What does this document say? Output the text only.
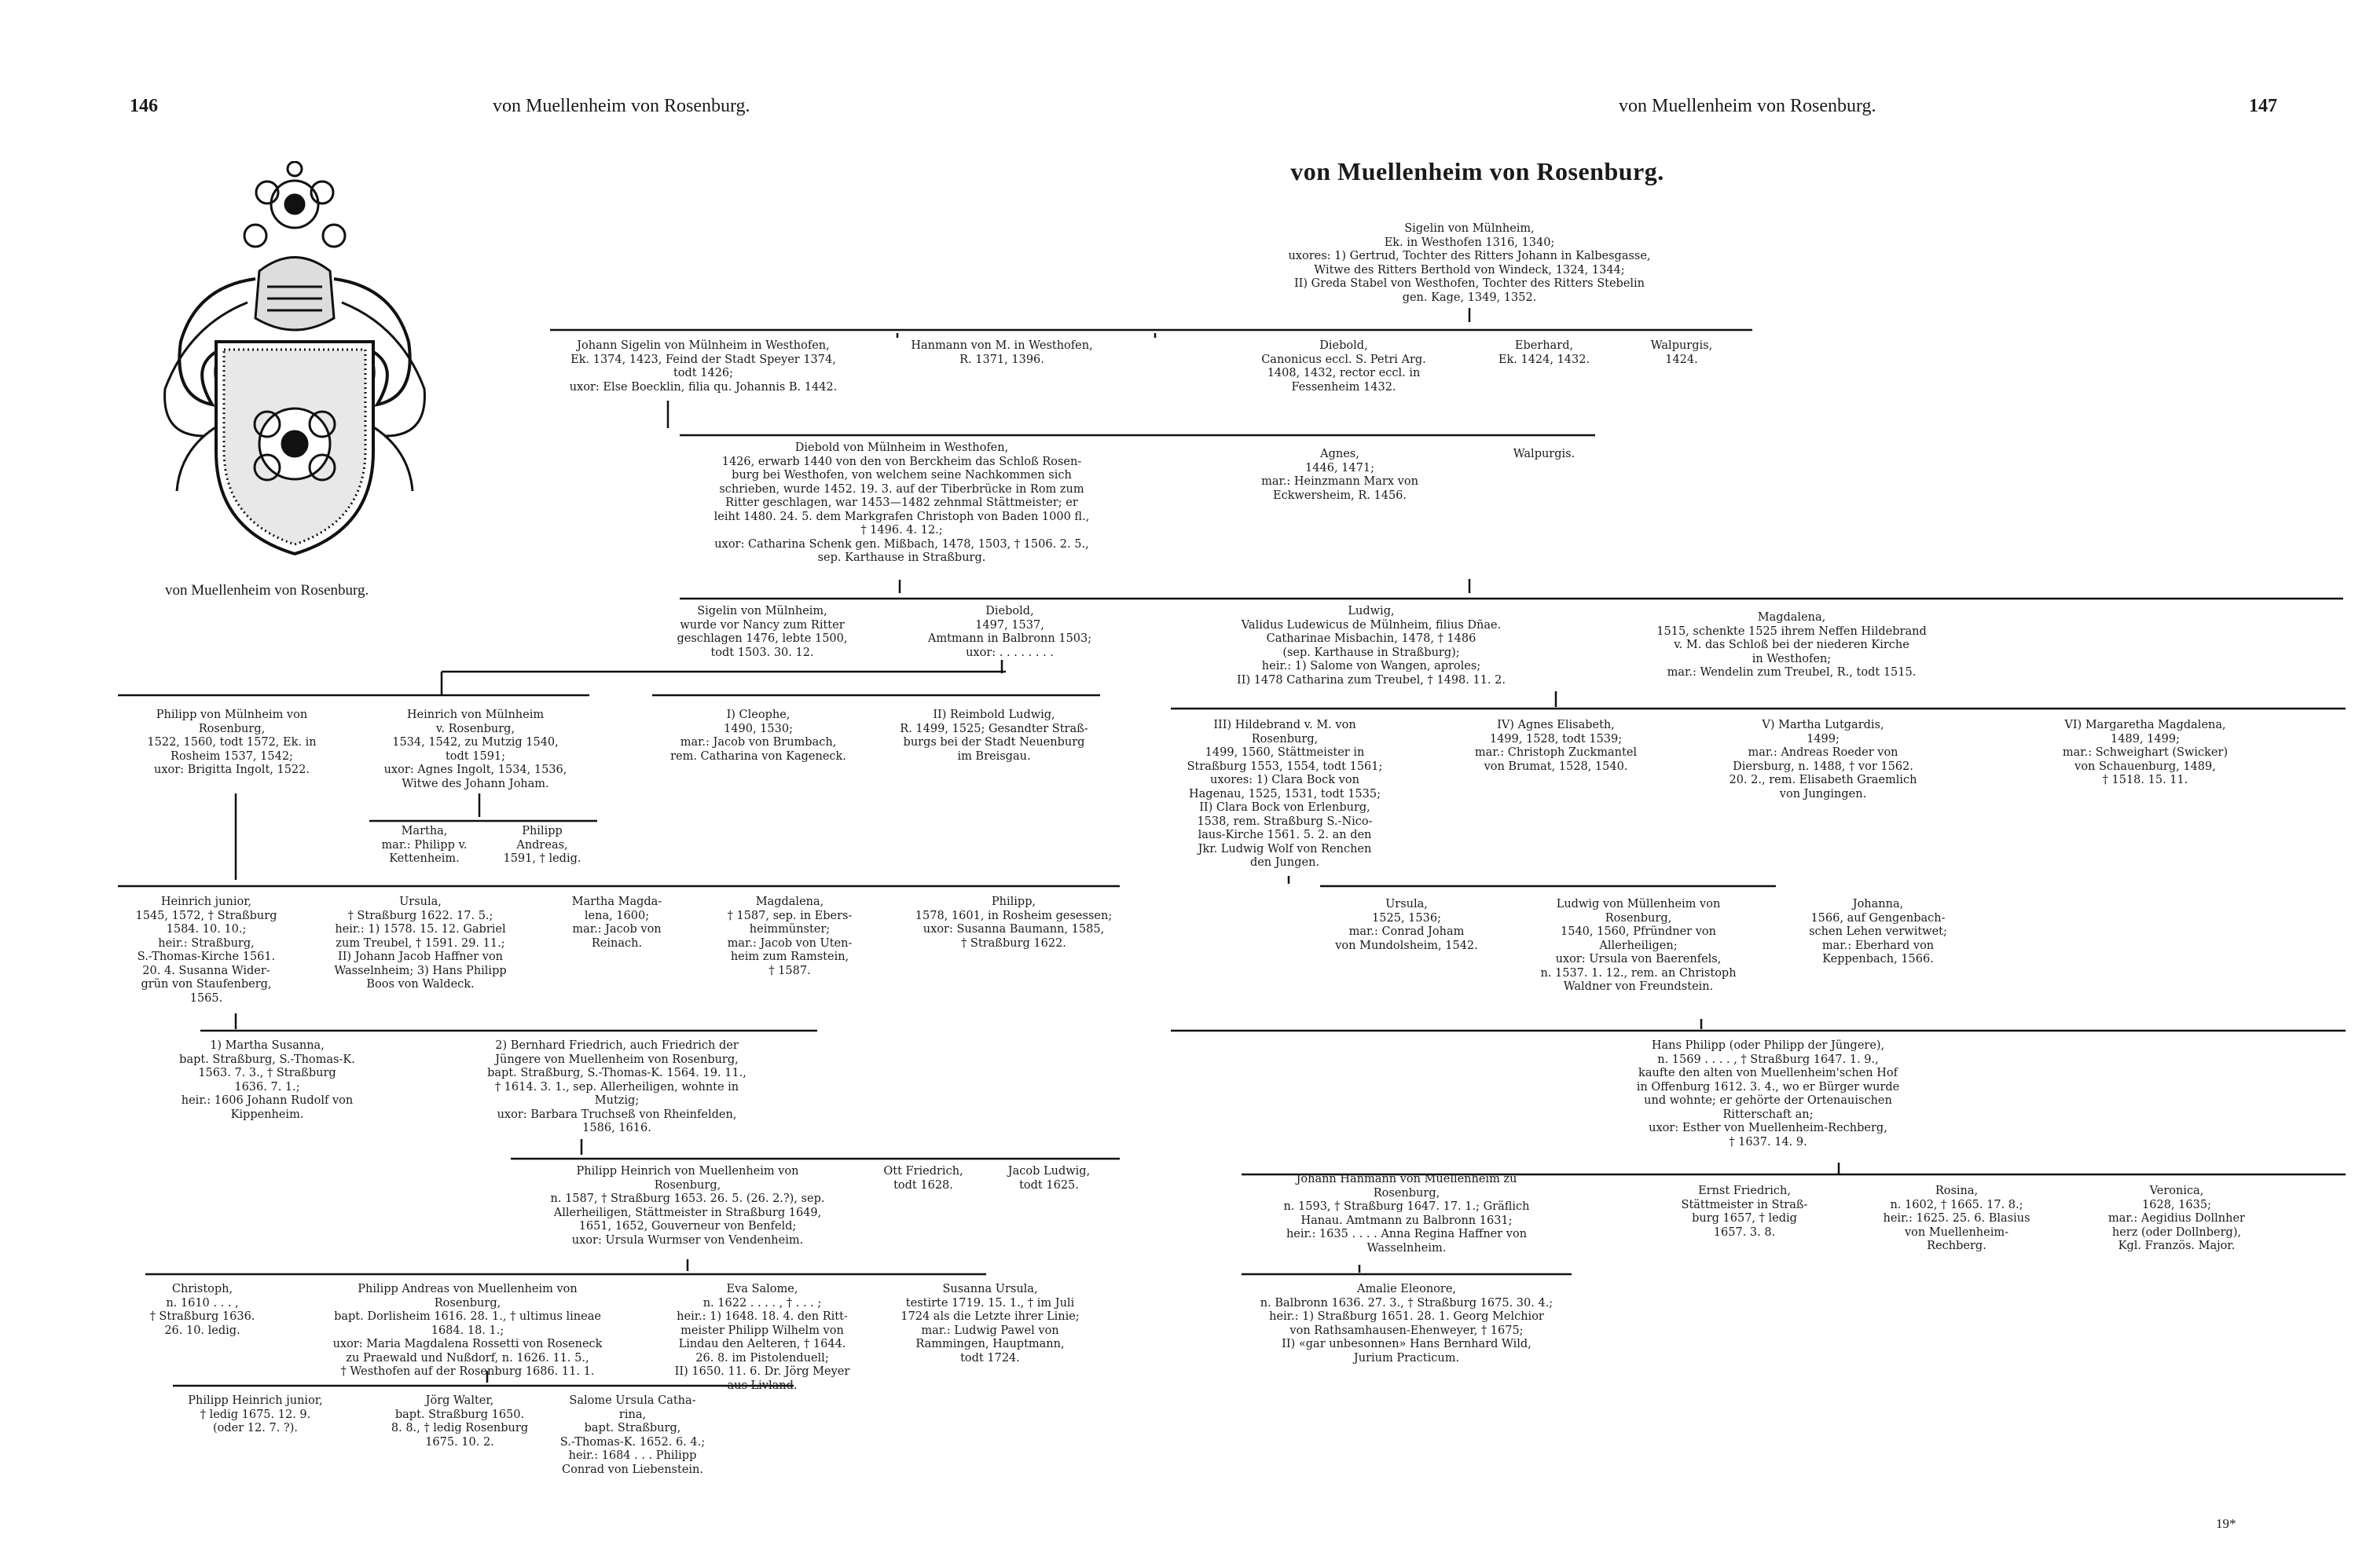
146	von Muellenheim von Rosenburg.	von Muellenheim von Rosenburg.	147
von Muellenheim von Rosenburg.
von Muellenheim von Rosenburg.
Sigelin von Mülnheim,
Ek. in Westhofen 1316, 1340;
uxores: 1) Gertrud, Tochter des Ritters Johann in Kalbesgasse,
Witwe des Ritters Berthold von Windeck, 1324, 1344;
II) Greda Stabel von Westhofen, Tochter des Ritters Stebelin
gen. Kage, 1349, 1352.
Johann Sigelin von Mülnheim in Westhofen,
Ek. 1374, 1423, Feind der Stadt Speyer 1374,
todt 1426;
uxor: Else Boecklin, filia qu. Johannis B. 1442.
Hanmann von M. in Westhofen,
R. 1371, 1396.
Diebold,
Canonicus eccl. S. Petri Arg.
1408, 1432, rector eccl. in
Fessenheim 1432.
Eberhard,
Ek. 1424, 1432.
Walpurgis,
1424.
Diebold von Mülnheim in Westhofen,
1426, erwarb 1440 von den von Berckheim das Schloß Rosen-
burg bei Westhofen, von welchem seine Nachkommen sich
schrieben, wurde 1452. 19. 3. auf der Tiberbrücke in Rom zum
Ritter geschlagen, war 1453—1482 zehnmal Stättmeister; er
leiht 1480. 24. 5. dem Markgrafen Christoph von Baden 1000 fl.,
† 1496. 4. 12.;
uxor: Catharina Schenk gen. Mißbach, 1478, 1503, † 1506. 2. 5.,
sep. Karthause in Straßburg.
Agnes,
1446, 1471;
mar.: Heinzmann Marx von
Eckwersheim, R. 1456.
Walpurgis.
Sigelin von Mülnheim,
wurde vor Nancy zum Ritter
geschlagen 1476, lebte 1500,
todt 1503. 30. 12.
Diebold,
1497, 1537,
Amtmann in Balbronn 1503;
uxor: . . . . . . . .
Ludwig,
Validus Ludewicus de Mülnheim, filius Dñae.
Catharinae Misbachin, 1478, † 1486
(sep. Karthause in Straßburg);
heir.: 1) Salome von Wangen, aproles;
II) 1478 Catharina zum Treubel, † 1498. 11. 2.
Magdalena,
1515, schenkte 1525 ihrem Neffen Hildebrand
v. M. das Schloß bei der niederen Kirche
in Westhofen;
mar.: Wendelin zum Treubel, R., todt 1515.
Philipp von Mülnheim von
Rosenburg,
1522, 1560, todt 1572, Ek. in
Rosheim 1537, 1542;
uxor: Brigitta Ingolt, 1522.
Heinrich von Mülnheim
v. Rosenburg,
1534, 1542, zu Mutzig 1540,
todt 1591;
uxor: Agnes Ingolt, 1534, 1536,
Witwe des Johann Joham.
I) Cleophe,
1490, 1530;
mar.: Jacob von Brumbach,
rem. Catharina von Kageneck.
II) Reimbold Ludwig,
R. 1499, 1525; Gesandter Straß-
burgs bei der Stadt Neuenburg
im Breisgau.
III) Hildebrand v. M. von
Rosenburg,
1499, 1560, Stättmeister in
Straßburg 1553, 1554, todt 1561;
uxores: 1) Clara Bock von
Hagenau, 1525, 1531, todt 1535;
II) Clara Bock von Erlenburg,
1538, rem. Straßburg S.-Nico-
laus-Kirche 1561. 5. 2. an den
Jkr. Ludwig Wolf von Renchen
den Jungen.
IV) Agnes Elisabeth,
1499, 1528, todt 1539;
mar.: Christoph Zuckmantel
von Brumat, 1528, 1540.
V) Martha Lutgardis,
1499;
mar.: Andreas Roeder von
Diersburg, n. 1488, † vor 1562.
20. 2., rem. Elisabeth Graemlich
von Jungingen.
VI) Margaretha Magdalena,
1489, 1499;
mar.: Schweighart (Swicker)
von Schauenburg, 1489,
† 1518. 15. 11.
Martha,
mar.: Philipp v.
Kettenheim.
Philipp
Andreas,
1591, † ledig.
Heinrich junior,
1545, 1572, † Straßburg
1584. 10. 10.;
heir.: Straßburg,
S.-Thomas-Kirche 1561.
20. 4. Susanna Wider-
grün von Staufenberg,
1565.
Ursula,
† Straßburg 1622. 17. 5.;
heir.: 1) 1578. 15. 12. Gabriel
zum Treubel, † 1591. 29. 11.;
II) Johann Jacob Haffner von
Wasselnheim; 3) Hans Philipp
Boos von Waldeck.
Martha Magda-
lena, 1600;
mar.: Jacob von
Reinach.
Magdalena,
† 1587, sep. in Ebers-
heimmünster;
mar.: Jacob von Uten-
heim zum Ramstein,
† 1587.
Philipp,
1578, 1601, in Rosheim gesessen;
uxor: Susanna Baumann, 1585,
† Straßburg 1622.
Ursula,
1525, 1536;
mar.: Conrad Joham
von Mundolsheim, 1542.
Ludwig von Müllenheim von
Rosenburg,
1540, 1560, Pfründner von
Allerheiligen;
uxor: Ursula von Baerenfels,
n. 1537. 1. 12., rem. an Christoph
Waldner von Freundstein.
Johanna,
1566, auf Gengenbach-
schen Lehen verwitwet;
mar.: Eberhard von
Keppenbach, 1566.
1) Martha Susanna,
bapt. Straßburg, S.-Thomas-K.
1563. 7. 3., † Straßburg
1636. 7. 1.;
heir.: 1606 Johann Rudolf von
Kippenheim.
2) Bernhard Friedrich, auch Friedrich der
Jüngere von Muellenheim von Rosenburg,
bapt. Straßburg, S.-Thomas-K. 1564. 19. 11.,
† 1614. 3. 1., sep. Allerheiligen, wohnte in
Mutzig;
uxor: Barbara Truchseß von Rheinfelden,
1586, 1616.
Hans Philipp (oder Philipp der Jüngere),
n. 1569 . . . . , † Straßburg 1647. 1. 9.,
kaufte den alten von Muellenheim'schen Hof
in Offenburg 1612. 3. 4., wo er Bürger wurde
und wohnte; er gehörte der Ortenauischen
Ritterschaft an;
uxor: Esther von Muellenheim-Rechberg,
† 1637. 14. 9.
Philipp Heinrich von Muellenheim von
Rosenburg,
n. 1587, † Straßburg 1653. 26. 5. (26. 2.?), sep.
Allerheiligen, Stättmeister in Straßburg 1649,
1651, 1652, Gouverneur von Benfeld;
uxor: Ursula Wurmser von Vendenheim.
Ott Friedrich,
todt 1628.
Jacob Ludwig,
todt 1625.	Johann Hanmann von Muellenheim zu
Rosenburg,
n. 1593, † Straßburg 1647. 17. 1.; Gräflich
Hanau. Amtmann zu Balbronn 1631;
heir.: 1635 . . . . Anna Regina Haffner von
Wasselnheim.
Ernst Friedrich,
Stättmeister in Straß-
burg 1657, † ledig
1657. 3. 8.
Rosina,
n. 1602, † 1665. 17. 8.;
heir.: 1625. 25. 6. Blasius
von Muellenheim-
Rechberg.
Veronica,
1628, 1635;
mar.: Aegidius Dollnher
herz (oder Dollnberg),
Kgl. Französ. Major.
Christoph,
n. 1610 . . . ,
† Straßburg 1636.
26. 10. ledig.
Philipp Andreas von Muellenheim von
Rosenburg,
bapt. Dorlisheim 1616. 28. 1., † ultimus lineae
1684. 18. 1.;
uxor: Maria Magdalena Rossetti von Roseneck
zu Praewald und Nußdorf, n. 1626. 11. 5.,
† Westhofen auf der Rosenburg 1686. 11. 1.
Eva Salome,
n. 1622 . . . . , † . . . ;
heir.: 1) 1648. 18. 4. den Ritt-
meister Philipp Wilhelm von
Lindau den Aelteren, † 1644.
26. 8. im Pistolenduell;
II) 1650. 11. 6. Dr. Jörg Meyer
aus Livland.
Susanna Ursula,
testirte 1719. 15. 1., † im Juli
1724 als die Letzte ihrer Linie;
mar.: Ludwig Pawel von
Rammingen, Hauptmann,
todt 1724.
Amalie Eleonore,
n. Balbronn 1636. 27. 3., † Straßburg 1675. 30. 4.;
heir.: 1) Straßburg 1651. 28. 1. Georg Melchior
von Rathsamhausen-Ehenweyer, † 1675;
II) «gar unbesonnen» Hans Bernhard Wild,
Jurium Practicum.
Philipp Heinrich junior,
† ledig 1675. 12. 9.
(oder 12. 7. ?).
Jörg Walter,
bapt. Straßburg 1650.
8. 8., † ledig Rosenburg
1675. 10. 2.
Salome Ursula Catha-
rina,
bapt. Straßburg,
S.-Thomas-K. 1652. 6. 4.;
heir.: 1684 . . . Philipp
Conrad von Liebenstein.
19*
